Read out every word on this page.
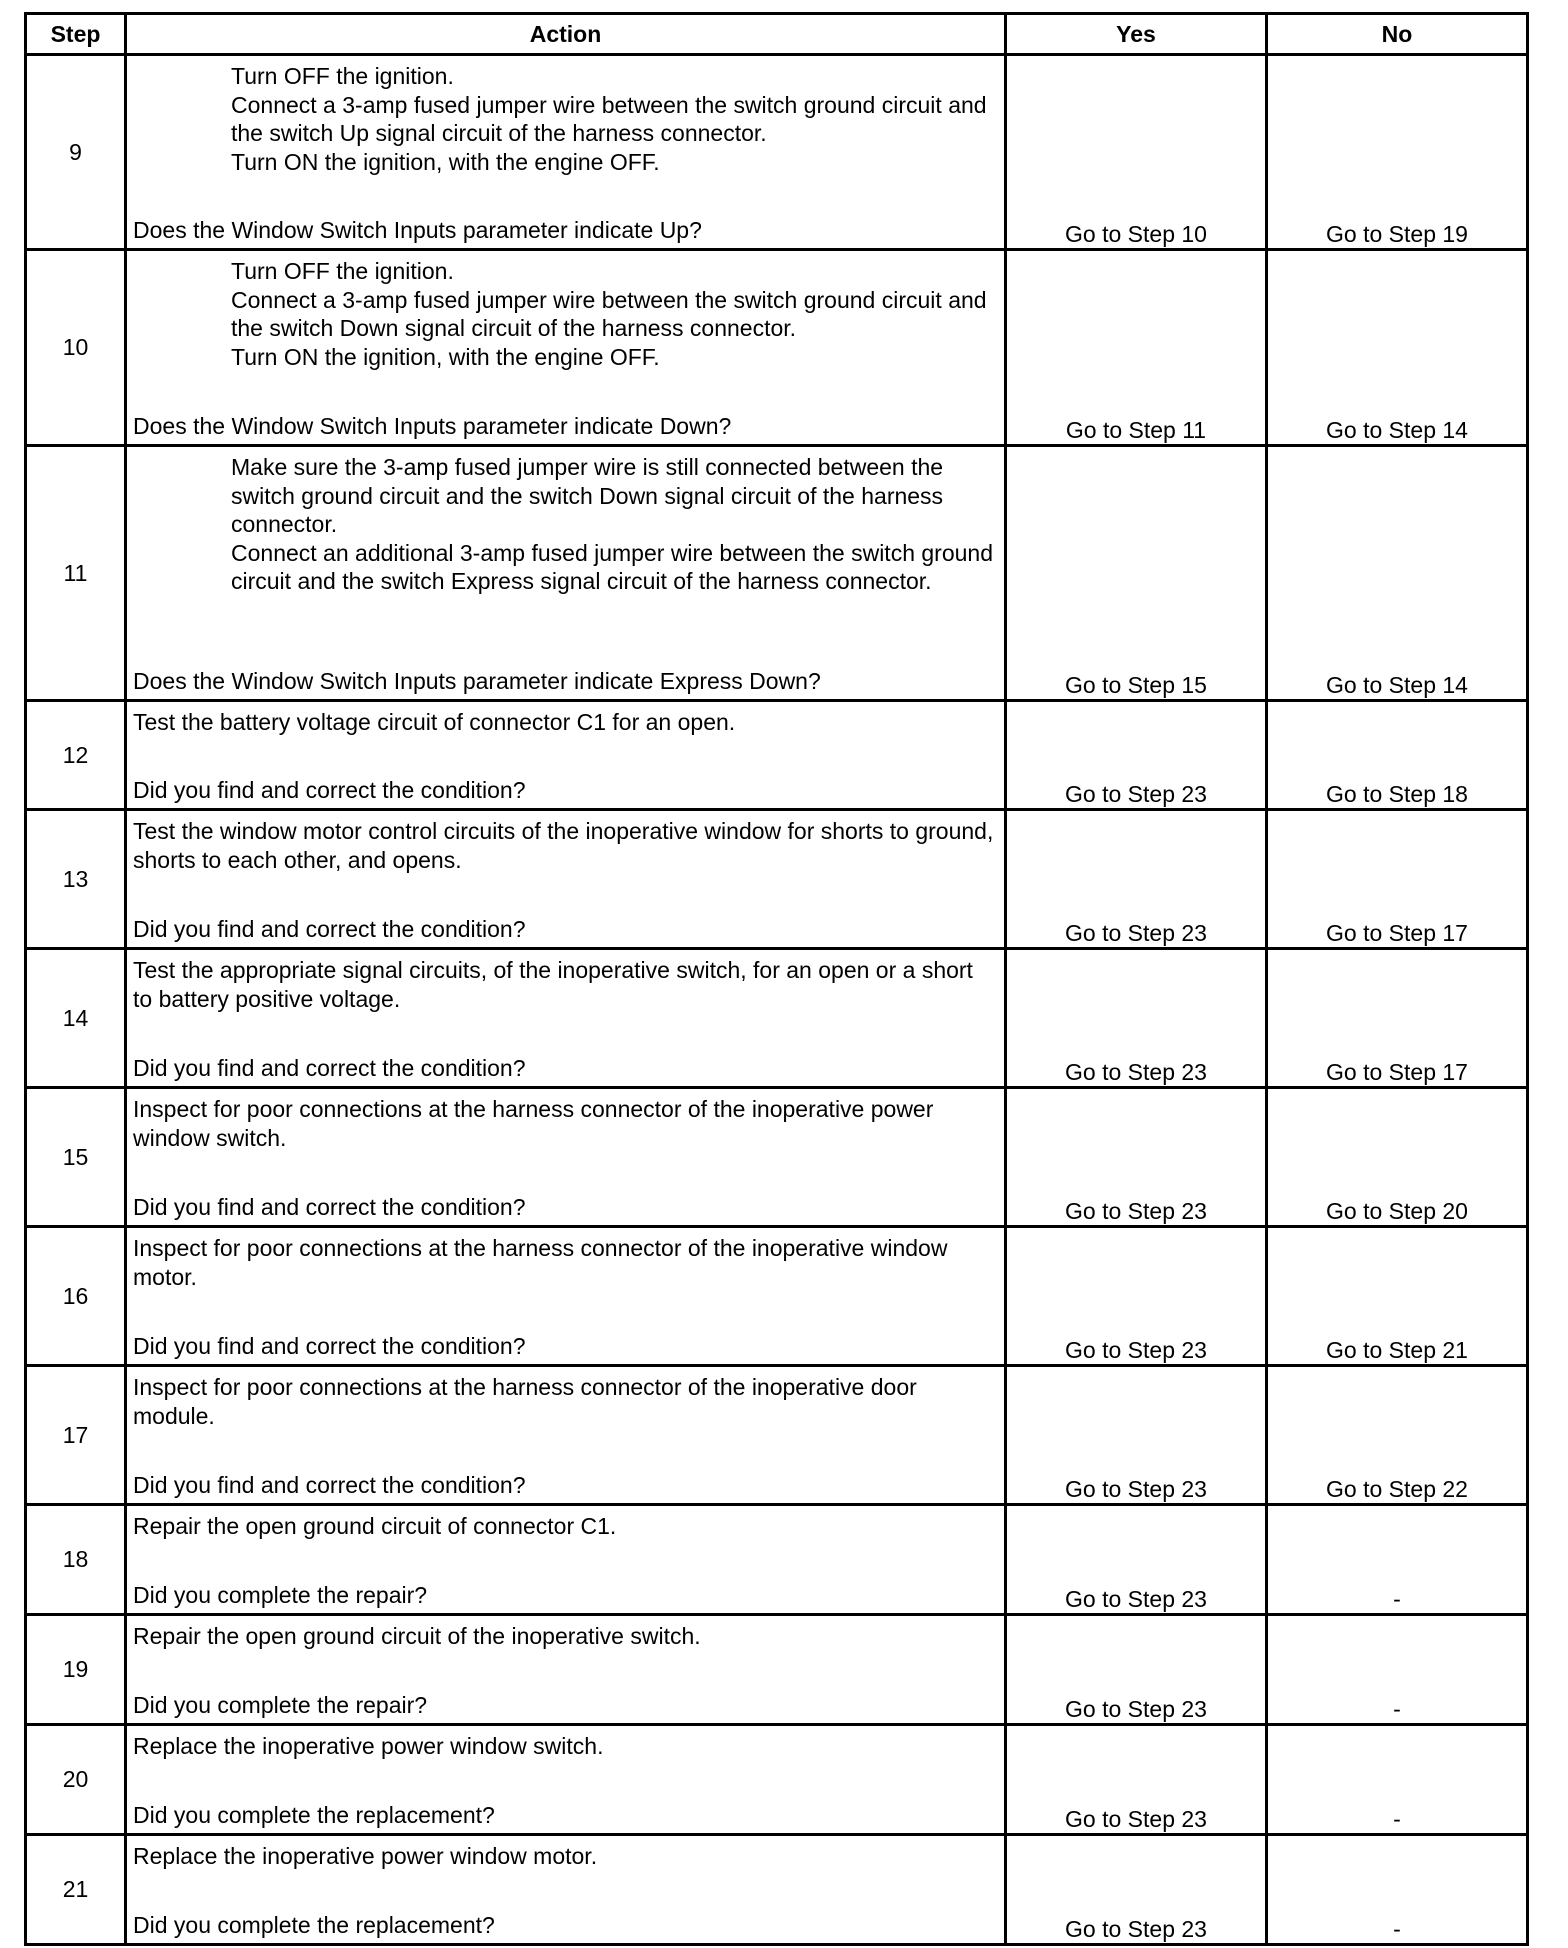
Step	Action	Yes	No
9	Turn OFF the ignition.
Connect a 3-amp fused jumper wire between the switch ground circuit and the switch Up signal circuit of the harness connector.
Turn ON the ignition, with the engine OFF.
Does the Window Switch Inputs parameter indicate Up?	Go to Step 10	Go to Step 19
10	Turn OFF the ignition.
Connect a 3-amp fused jumper wire between the switch ground circuit and the switch Down signal circuit of the harness connector.
Turn ON the ignition, with the engine OFF.
Does the Window Switch Inputs parameter indicate Down?	Go to Step 11	Go to Step 14
11	Make sure the 3-amp fused jumper wire is still connected between the switch ground circuit and the switch Down signal circuit of the harness connector.
Connect an additional 3-amp fused jumper wire between the switch ground circuit and the switch Express signal circuit of the harness connector.
Does the Window Switch Inputs parameter indicate Express Down?	Go to Step 15	Go to Step 14
12	Test the battery voltage circuit of connector C1 for an open.
Did you find and correct the condition?	Go to Step 23	Go to Step 18
13	Test the window motor control circuits of the inoperative window for shorts to ground, shorts to each other, and opens.
Did you find and correct the condition?	Go to Step 23	Go to Step 17
14	Test the appropriate signal circuits, of the inoperative switch, for an open or a short to battery positive voltage.
Did you find and correct the condition?	Go to Step 23	Go to Step 17
15	Inspect for poor connections at the harness connector of the inoperative power window switch.
Did you find and correct the condition?	Go to Step 23	Go to Step 20
16	Inspect for poor connections at the harness connector of the inoperative window motor.
Did you find and correct the condition?	Go to Step 23	Go to Step 21
17	Inspect for poor connections at the harness connector of the inoperative door module.
Did you find and correct the condition?	Go to Step 23	Go to Step 22
18	Repair the open ground circuit of connector C1.
Did you complete the repair?	Go to Step 23	-
19	Repair the open ground circuit of the inoperative switch.
Did you complete the repair?	Go to Step 23	-
20	Replace the inoperative power window switch.
Did you complete the replacement?	Go to Step 23	-
21	Replace the inoperative power window motor.
Did you complete the replacement?	Go to Step 23	-
